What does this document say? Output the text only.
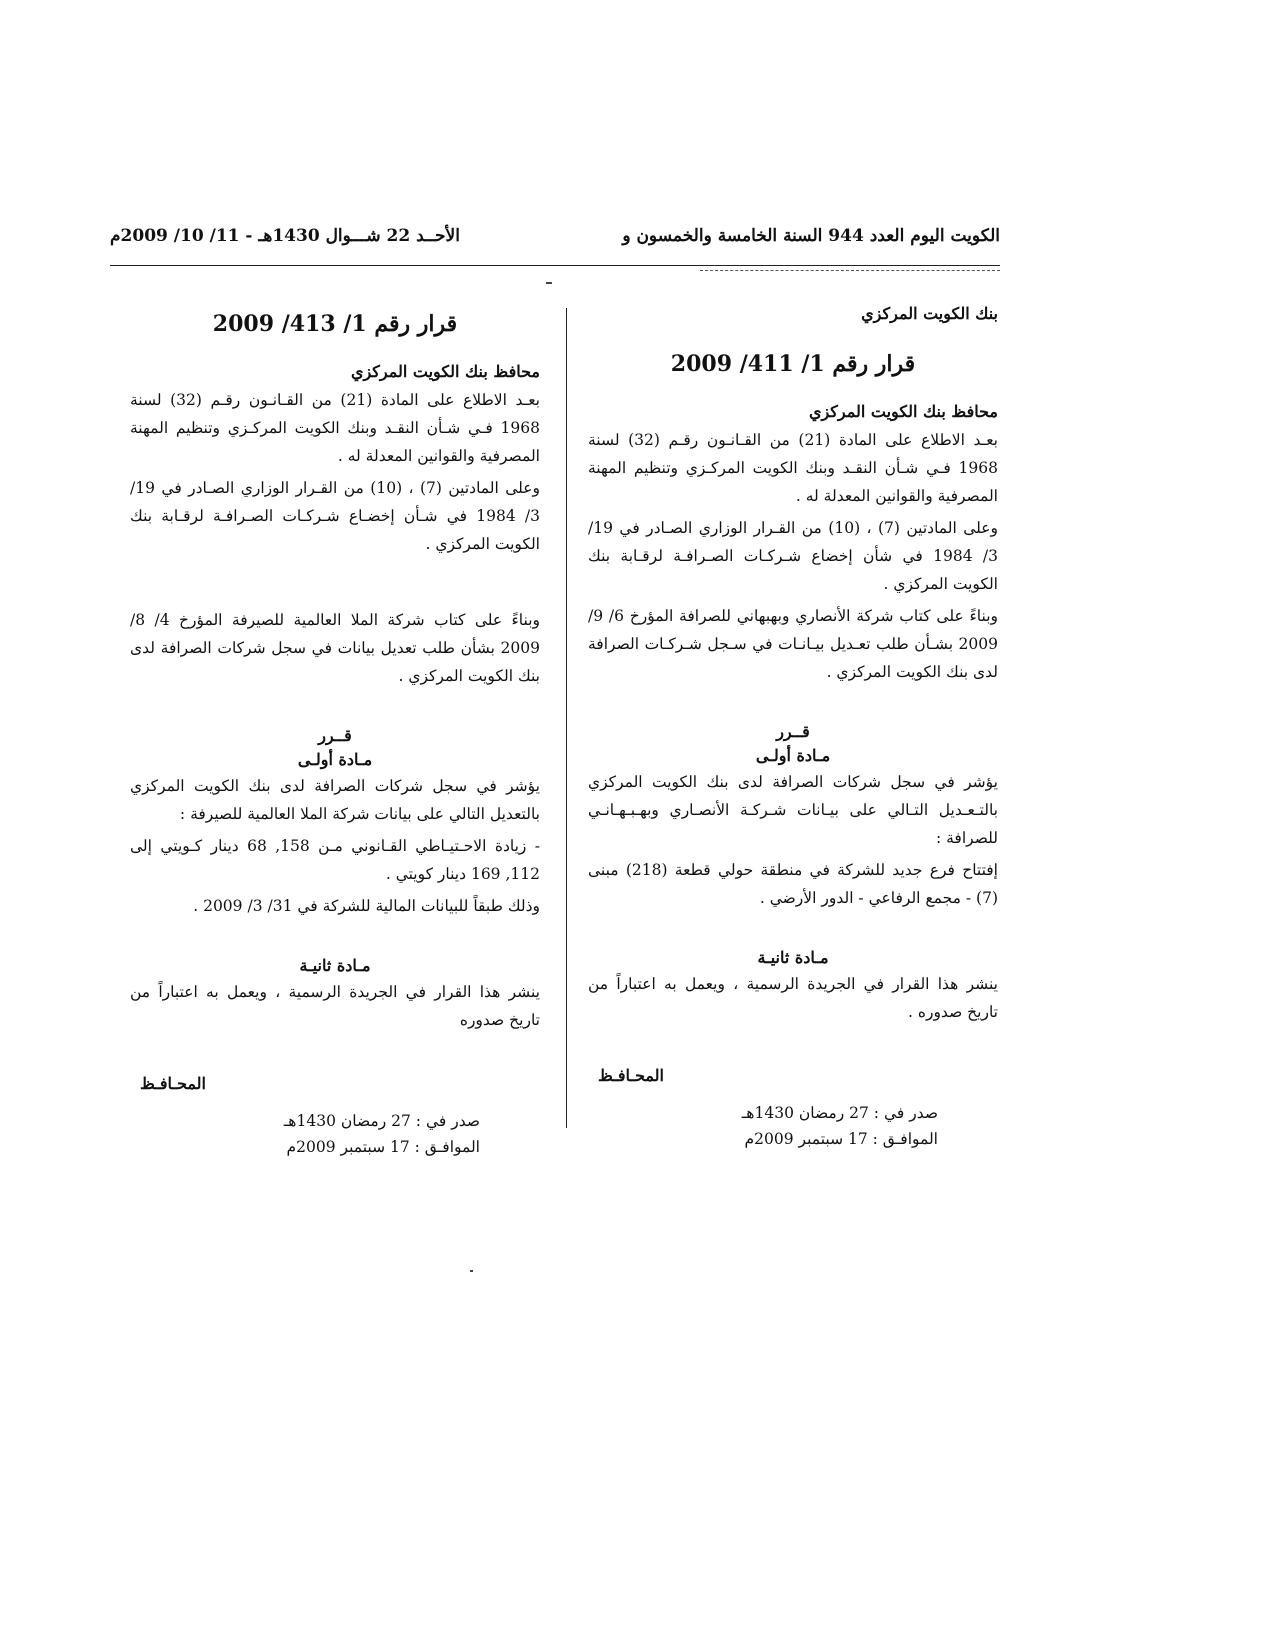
الكويت اليوم العدد 944 السنة الخامسة والخمسون و
الأحــد 22 شـــوال 1430هـ - 11/ 10/ 2009م
بنك الكويت المركزي
قرار رقم 1/ 411/ 2009
محافظ بنك الكويت المركزي

بعـد الاطلاع على المادة (21) من القـانـون رقـم (32) لسنة 1968 فـي شـأن النقـد وبنك الكويت المركـزي وتنظيم المهنة المصرفية والقوانين المعدلة له .

وعلى المادتين (7) ، (10) من القـرار الوزاري الصـادر في 19/ 3/ 1984 في شأن إخضاع شـركـات الصـرافـة لرقـابة بنك الكويت المركزي .

وبناءً على كتاب شركة الأنصاري وبهبهاني للصرافة المؤرخ 6/ 9/ 2009 بشـأن طلب تعـديل بيـانـات في سـجل شـركـات الصرافة لدى بنك الكويت المركزي .

قــرر
مـادة أولـى

يؤشر في سجل شركات الصرافة لدى بنك الكويت المركزي بالتـعـديل التـالي على بيـانات شـركـة الأنصـاري وبهـبـهـانـي للصرافة :

إفتتاح فرع جديد للشركة في منطقة حولي قطعة (218) مبنى (7) - مجمع الرفاعي - الدور الأرضي .

مـادة ثانيـة

ينشر هذا القرار في الجريدة الرسمية ، ويعمل به اعتباراً من تاريخ صدوره .

المحـافـظ
صدر في : 27 رمضان 1430هـ
الموافـق : 17 سبتمبر 2009م
قرار رقم 1/ 413/ 2009
محافظ بنك الكويت المركزي

بعـد الاطلاع على المادة (21) من القـانـون رقـم (32) لسنة 1968 فـي شـأن النقـد وبنك الكويت المركـزي وتنظيم المهنة المصرفية والقوانين المعدلة له .

وعلى المادتين (7) ، (10) من القـرار الوزاري الصـادر في 19/ 3/ 1984 في شـأن إخضـاع شـركـات الصـرافـة لرقـابة بنك الكويت المركزي .

وبناءً على كتاب شركة الملا العالمية للصيرفة المؤرخ 4/ 8/ 2009 بشأن طلب تعديل بيانات في سجل شركات الصرافة لدى بنك الكويت المركزي .

قــرر
مـادة أولـى

يؤشر في سجل شركات الصرافة لدى بنك الكويت المركزي بالتعديل التالي على بيانات شركة الملا العالمية للصيرفة :

- زيادة الاحـتيـاطي القـانوني مـن 158, 68 دينار كـويتي إلى 112, 169 دينار كويتي .

وذلك طبقاً للبيانات المالية للشركة في 31/ 3/ 2009 .

مـادة ثانيـة

ينشر هذا القرار في الجريدة الرسمية ، ويعمل به اعتباراً من تاريخ صدوره

المحـافـظ
صدر في : 27 رمضان 1430هـ
الموافـق : 17 سبتمبر 2009م
